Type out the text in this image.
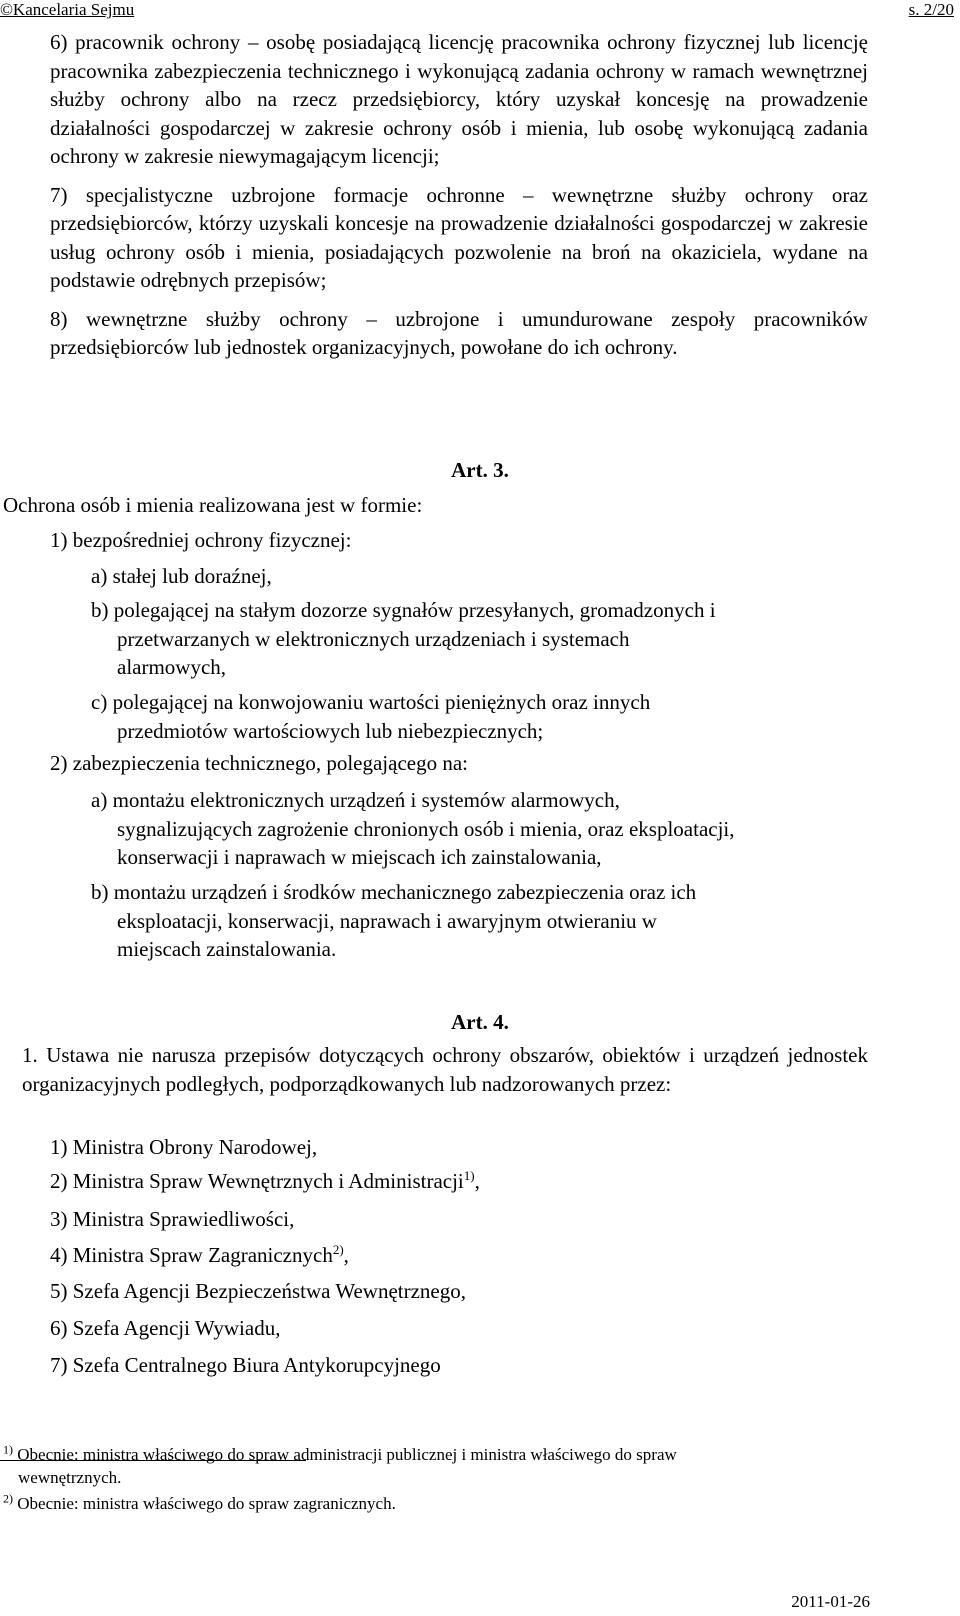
©Kancelaria Sejmu	s. 2/20

6) pracownik ochrony – osobę posiadającą licencję pracownika ochrony fizycznej lub licencję pracownika zabezpieczenia technicznego i wykonującą zadania ochrony w ramach wewnętrznej służby ochrony albo na rzecz przedsiębiorcy, który uzyskał koncesję na prowadzenie działalności gospodarczej w zakresie ochrony osób i mienia, lub osobę wykonującą zadania ochrony w zakresie niewymagającym licencji;

7) specjalistyczne uzbrojone formacje ochronne – wewnętrzne służby ochrony oraz przedsiębiorców, którzy uzyskali koncesje na prowadzenie działalności gospodarczej w zakresie usług ochrony osób i mienia, posiadających pozwolenie na broń na okaziciela, wydane na podstawie odrębnych przepisów;

8) wewnętrzne służby ochrony – uzbrojone i umundurowane zespoły pracowników przedsiębiorców lub jednostek organizacyjnych, powołane do ich ochrony.

Art. 3.
Ochrona osób i mienia realizowana jest w formie:
1) bezpośredniej ochrony fizycznej:
a) stałej lub doraźnej,
b) polegającej na stałym dozorze sygnałów przesyłanych, gromadzonych i
przetwarzanych w elektronicznych urządzeniach i systemach
alarmowych,
c) polegającej na konwojowaniu wartości pieniężnych oraz innych
przedmiotów wartościowych lub niebezpiecznych;
2) zabezpieczenia technicznego, polegającego na:
a) montażu elektronicznych urządzeń i systemów alarmowych,
sygnalizujących zagrożenie chronionych osób i mienia, oraz eksploatacji,
konserwacji i naprawach w miejscach ich zainstalowania,
b) montażu urządzeń i środków mechanicznego zabezpieczenia oraz ich
eksploatacji, konserwacji, naprawach i awaryjnym otwieraniu w
miejscach zainstalowania.
Art. 4.

1. Ustawa nie narusza przepisów dotyczących ochrony obszarów, obiektów i urządzeń jednostek organizacyjnych podległych, podporządkowanych lub nadzorowanych przez:

1) Ministra Obrony Narodowej,
2) Ministra Spraw Wewnętrznych i Administracji$^{1)}$,
3) Ministra Sprawiedliwości,
4) Ministra Spraw Zagranicznych$^{2)}$,
5) Szefa Agencji Bezpieczeństwa Wewnętrznego,
6) Szefa Agencji Wywiadu,
7) Szefa Centralnego Biura Antykorupcyjnego
$^{1)}$ Obecnie: ministra właściwego do spraw administracji publicznej i ministra właściwego do spraw
wewnętrznych.
$^{2)}$ Obecnie: ministra właściwego do spraw zagranicznych.
2011-01-26
